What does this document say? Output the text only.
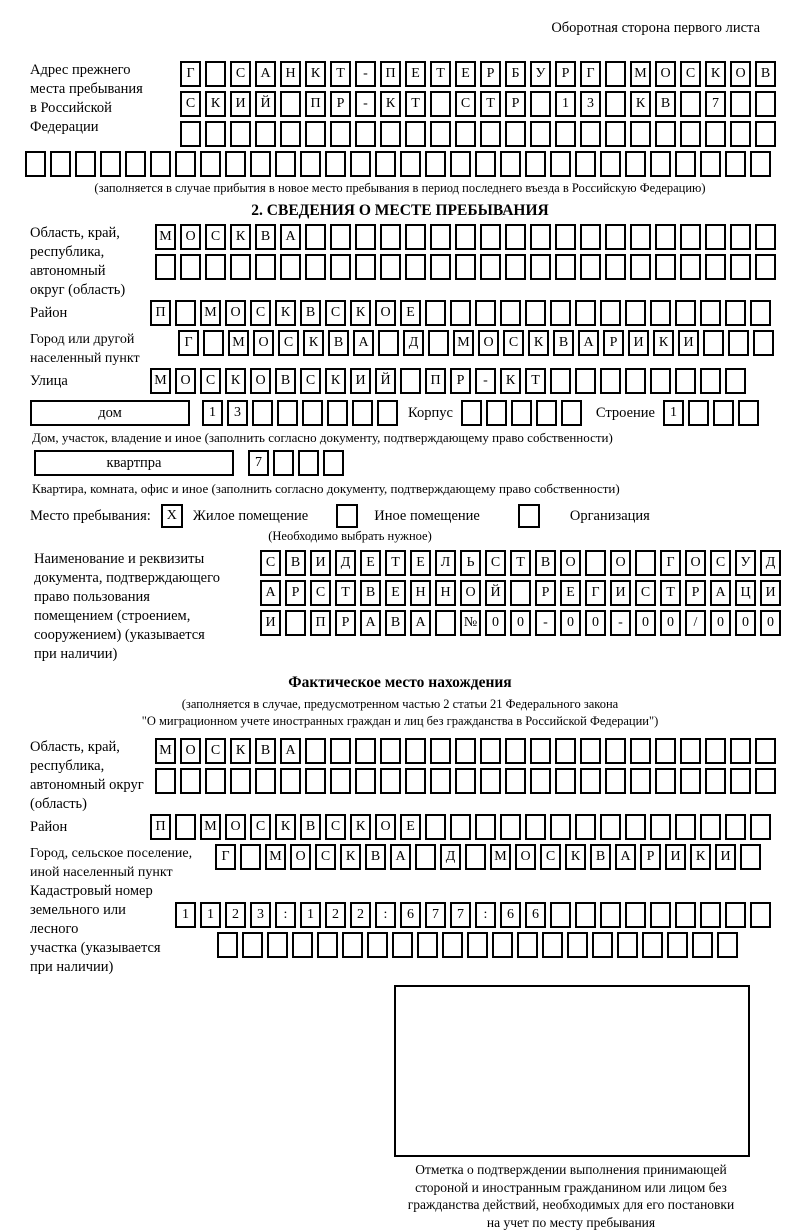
Оборотная сторона первого листа
Адрес прежнего
места пребывания
в Российской
Федерации
Г	С	А	Н	К	Т	-	П	Е	Т	Е	Р	Б	У	Р	Г	М О	С	К	О	В
С	К	И	Й	П	Р	-	К	Т	С	Т	Р	1	3	К	В	7
(заполняется в случае прибытия в новое место пребывания в период последнего въезда в Российскую Федерацию)
2. СВЕДЕНИЯ О МЕСТЕ ПРЕБЫВАНИЯ
Область, край,
республика,
автономный
округ (область)
М О	С	К	В	А
Район	П	М О	С	К	В	С	К	О	Е
Город или другой
населенный пункт
Г	М О	С	К	В	А	Д	М О	С	К	В	А	Р	И	К	И
Улица	М О	С	К	О	В	С	К	И	Й	П	Р	-	К	Т
дом	1	3	Корпус	Строение	1
Дом, участок, владение и иное (заполнить согласно документу, подтверждающему право собственности)
квартпра	7
Квартира, комната, офис и иное (заполнить согласно документу, подтверждающему право собственности)
Место пребывания:	X	Жилое помещение	Иное помещение	Организация
(Необходимо выбрать нужное)
Наименование и реквизиты
документа, подтверждающего
право пользования
помещением (строением,
сооружением) (указывается
при наличии)
С	В	И	Д	Е	Т	Е	Л	Ь	С	Т	В	О	О	Г	О	С	У	Д
А	Р	С	Т	В	Е	Н	Н	О	Й	Р	Е	Г	И	С	Т	Р	А	Ц	И
И	П	Р	А	В	А	№	0	0	-	0	0	-	0	0	/	0	0	0
Фактическое место нахождения
(заполняется в случае, предусмотренном частью 2 статьи 21 Федерального закона
"О миграционном учете иностранных граждан и лиц без гражданства в Российской Федерации")
Область, край,
республика,
автономный округ
(область)
М О	С	К	В	А
Район	П	М О	С	К	В	С	К	О	Е
Город, сельское поселение,
иной населенный пункт
Г	М О	С	К	В	А	Д	М О	С	К	В	А	Р	И	К	И
Кадастровый номер
земельного или лесного
участка (указывается
при наличии)
1	1	2	3	:	1	2	2	:	6	7	7	:	6	6
Отметка о подтверждении выполнения принимающей
стороной и иностранным гражданином или лицом без
гражданства действий, необходимых для его постановки
на учет по месту пребывания
